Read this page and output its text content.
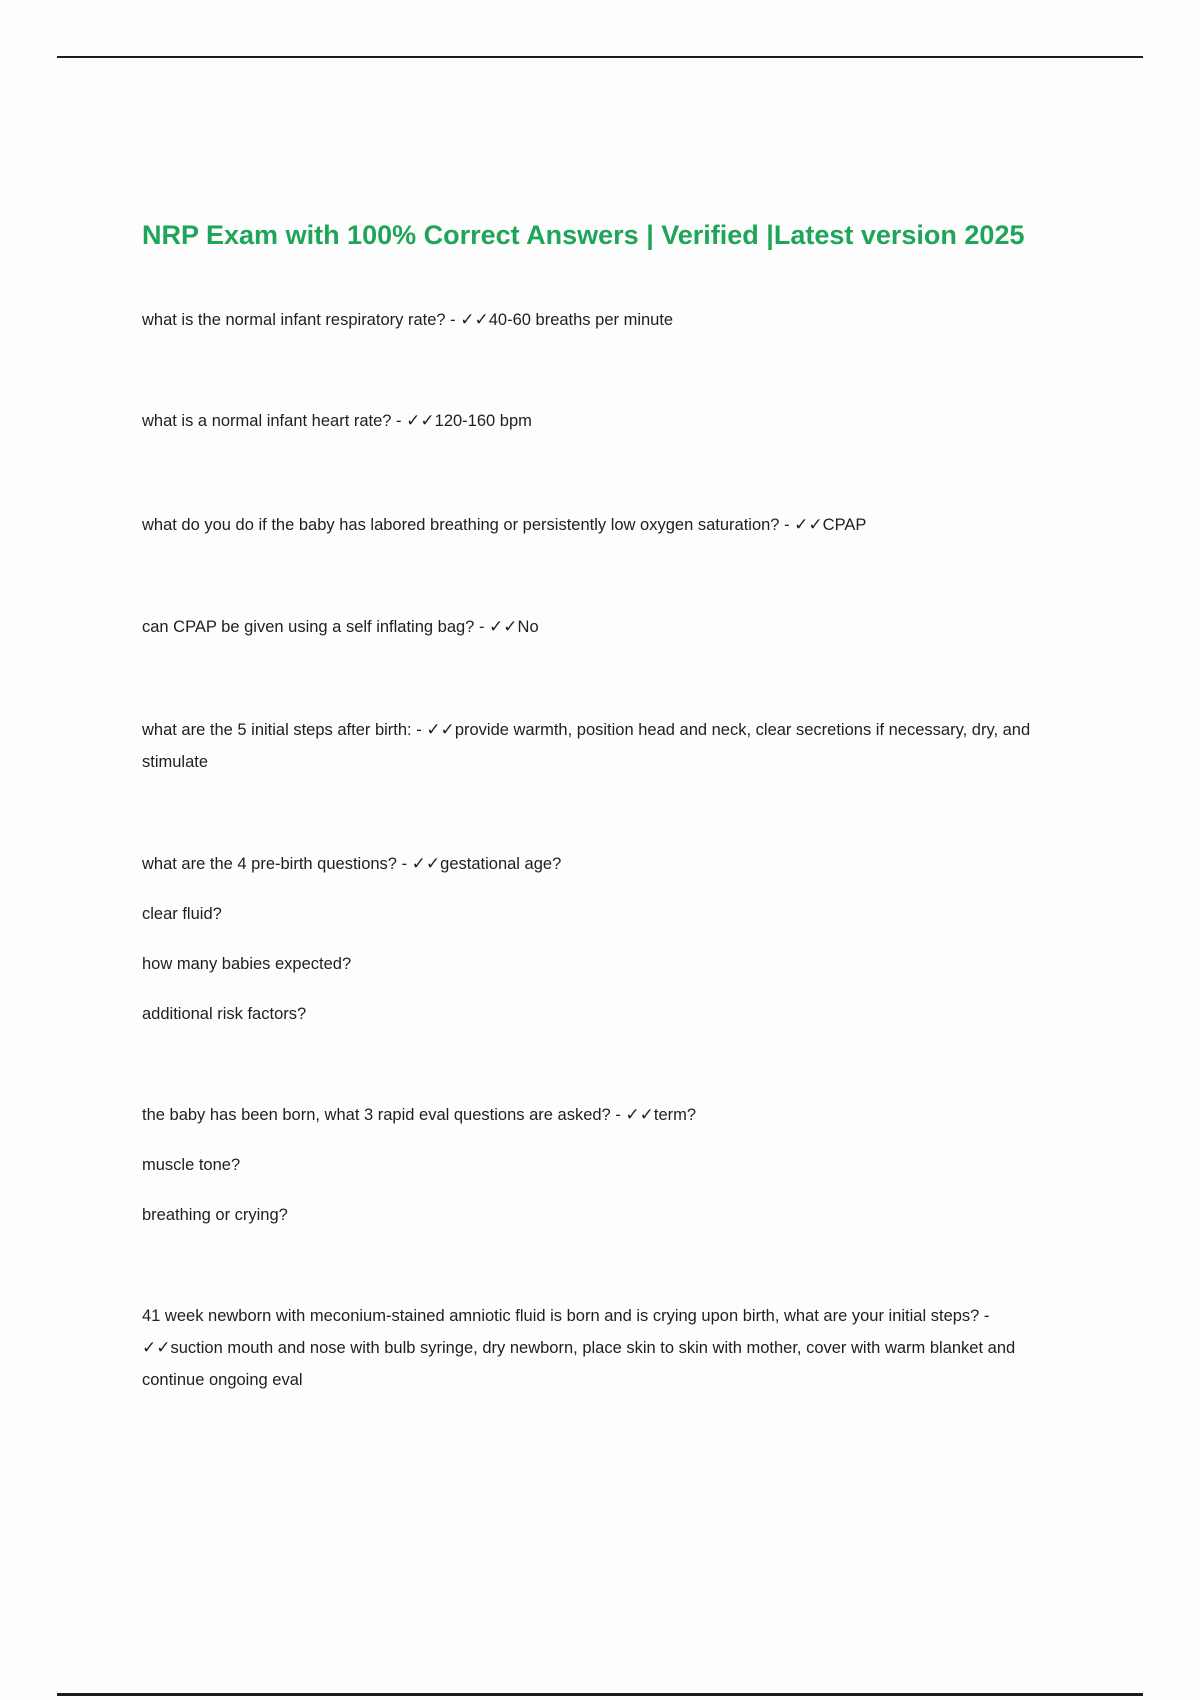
NRP Exam with 100% Correct Answers | Verified |Latest version 2025

what is the normal infant respiratory rate? - ✓✓40-60 breaths per minute

what is a normal infant heart rate? - ✓✓120-160 bpm

what do you do if the baby has labored breathing or persistently low oxygen saturation? - ✓✓CPAP

can CPAP be given using a self inflating bag? - ✓✓No

what are the 5 initial steps after birth: - ✓✓provide warmth, position head and neck, clear secretions if necessary, dry, and stimulate

what are the 4 pre-birth questions? - ✓✓gestational age?

clear fluid?

how many babies expected?

additional risk factors?

the baby has been born, what 3 rapid eval questions are asked? - ✓✓term?

muscle tone?

breathing or crying?

41 week newborn with meconium-stained amniotic fluid is born and is crying upon birth, what are your initial steps? - ✓✓suction mouth and nose with bulb syringe, dry newborn, place skin to skin with mother, cover with warm blanket and continue ongoing eval
